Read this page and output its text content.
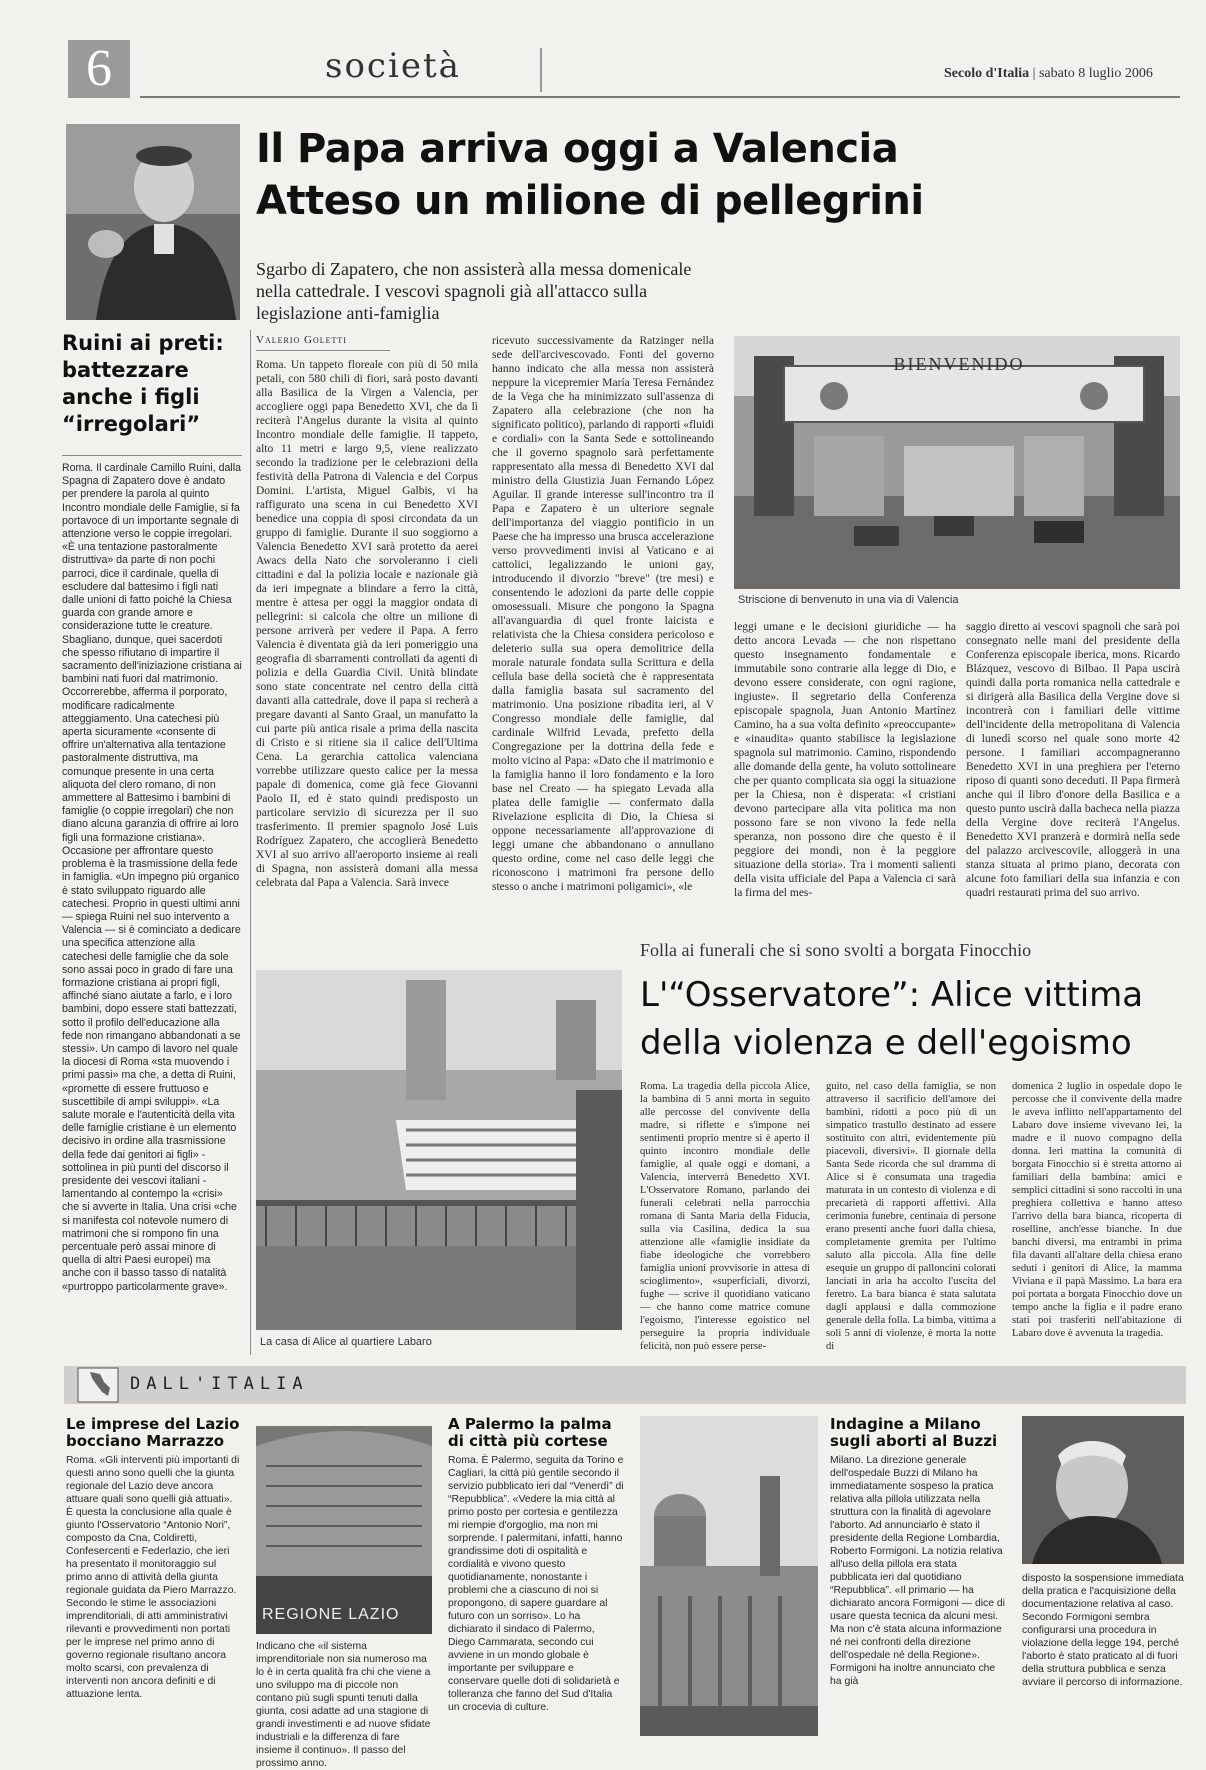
6	società	Secolo d'Italia | sabato 8 luglio 2006
Ruini ai preti: battezzare anche i figli “irregolari”
Roma. Il cardinale Camillo Ruini, dalla Spagna di Zapatero dove è andato per prendere la parola al quinto Incontro mondiale delle Famiglie, si fa portavoce di un importante segnale di attenzione verso le coppie irregolari. «È una tentazione pastoralmente distruttiva» da parte di non pochi parroci, dice il cardinale, quella di escludere dal battesimo i figli nati dalle unioni di fatto poiché la Chiesa guarda con grande amore e considerazione tutte le creature. Sbagliano, dunque, quei sacerdoti che spesso rifiutano di impartire il sacramento dell'iniziazione cristiana ai bambini nati fuori dal matrimonio. Occorrerebbe, afferma il porporato, modificare radicalmente atteggiamento. Una catechesi più aperta sicuramente «consente di offrire un'alternativa alla tentazione pastoralmente distruttiva, ma comunque presente in una certa aliquota del clero romano, di non ammettere al Battesimo i bambini di famiglie (o coppie irregolari) che non diano alcuna garanzia di offrire ai loro figli una formazione cristiana». Occasione per affrontare questo problema è la trasmissione della fede in famiglia. «Un impegno più organico è stato sviluppato riguardo alle catechesi. Proprio in questi ultimi anni — spiega Ruini nel suo intervento a Valencia — si è cominciato a dedicare una specifica attenzione alla catechesi delle famiglie che da sole sono assai poco in grado di fare una formazione cristiana ai propri figli, affinché siano aiutate a farlo, e i loro bambini, dopo essere stati battezzati, sotto il profilo dell'educazione alla fede non rimangano abbandonati a se stessi». Un campo di lavoro nel quale la diocesi di Roma «sta muovendo i primi passi» ma che, a detta di Ruini, «promette di essere fruttuoso e suscettibile di ampi sviluppi». «La salute morale e l'autenticità della vita delle famiglie cristiane è un elemento decisivo in ordine alla trasmissione della fede dai genitori ai figli» - sottolinea in più punti del discorso il presidente dei vescovi italiani - lamentando al contempo la «crisi» che si avverte in Italia. Una crisi «che si manifesta col notevole numero di matrimoni che si rompono fin una percentuale però assai minore di quella di altri Paesi europei) ma anche con il basso tasso di natalità «purtroppo particolarmente grave».
Il Papa arriva oggi a Valencia
Atteso un milione di pellegrini
Sgarbo di Zapatero, che non assisterà alla messa domenicale nella cattedrale. I vescovi spagnoli già all'attacco sulla legislazione anti-famiglia
Valerio Goletti
Roma. Un tappeto floreale con più di 50 mila petali, con 580 chili di fiori, sarà posto davanti alla Basilica de la Virgen a Valencia, per accogliere oggi papa Benedetto XVI, che da lì reciterà l'Angelus durante la visita al quinto Incontro mondiale delle famiglie. Il tappeto, alto 11 metri e largo 9,5, viene realizzato secondo la tradizione per le celebrazioni della festività della Patrona di Valencia e del Corpus Domini. L'artista, Miguel Galbis, vi ha raffigurato una scena in cui Benedetto XVI benedice una coppia di sposi circondata da un gruppo di famiglie. Durante il suo soggiorno a Valencia Benedetto XVI sarà protetto da aerei Awacs della Nato che sorvoleranno i cieli cittadini e dal la polizia locale e nazionale già da ieri impegnate a blindare a ferro la città, mentre è attesa per oggi la maggior ondata di pellegrini: si calcola che oltre un milione di persone arriverà per vedere il Papa. A ferro Valencia è diventata già da ieri pomeriggio una geografia di sbarramenti controllati da agenti di polizia e della Guardia Civil. Unità blindate sono state concentrate nel centro della città davanti alla cattedrale, dove il papa si recherà a pregare davanti al Santo Graal, un manufatto la cui parte più antica risale a prima della nascita di Cristo e si ritiene sia il calice dell'Ultima Cena. La gerarchia cattolica valenciana vorrebbe utilizzare questo calice per la messa papale di domenica, come già fece Giovanni Paolo II, ed è stato quindi predisposto un particolare servizio di sicurezza per il suo trasferimento. Il premier spagnolo José Luis Rodríguez Zapatero, che accoglierà Benedetto XVI al suo arrivo all'aeroporto insieme ai reali di Spagna, non assisterà domani alla messa celebrata dal Papa a Valencia. Sarà invece
ricevuto successivamente da Ratzinger nella sede dell'arcivescovado. Fonti del governo hanno indicato che alla messa non assisterà neppure la vicepremier María Teresa Fernández de la Vega che ha minimizzato sull'assenza di Zapatero alla celebrazione (che non ha significato politico), parlando di rapporti «fluidi e cordiali» con la Santa Sede e sottolineando che il governo spagnolo sarà perfettamente rappresentato alla messa di Benedetto XVI dal ministro della Giustizia Juan Fernando López Aguilar. Il grande interesse sull'incontro tra il Papa e Zapatero è un ulteriore segnale dell'importanza del viaggio pontificio in un Paese che ha impresso una brusca accelerazione verso provvedimenti invisi al Vaticano e ai cattolici, legalizzando le unioni gay, introducendo il divorzio "breve" (tre mesi) e consentendo le adozioni da parte delle coppie omosessuali. Misure che pongono la Spagna all'avanguardia di quel fronte laicista e relativista che la Chiesa considera pericoloso e deleterio sulla sua opera demolitrice della morale naturale fondata sulla Scrittura e della cellula base della società che è rappresentata dalla famiglia basata sul sacramento del matrimonio. Una posizione ribadita ieri, al V Congresso mondiale delle famiglie, dal cardinale Wilfrid Levada, prefetto della Congregazione per la dottrina della fede e molto vicino al Papa: «Dato che il matrimonio e la famiglia hanno il loro fondamento e la loro base nel Creato — ha spiegato Levada alla platea delle famiglie — confermato dalla Rivelazione esplicita di Dio, la Chiesa si oppone necessariamente all'approvazione di leggi umane che abbandonano o annullano questo ordine, come nel caso delle leggi che riconoscono i matrimoni fra persone dello stesso o anche i matrimoni poligamici», «le
BIENVENIDO
Striscione di benvenuto in una via di Valencia
leggi umane e le decisioni giuridiche — ha detto ancora Levada — che non rispettano questo insegnamento fondamentale e immutabile sono contrarie alla legge di Dio, e devono essere considerate, con ogni ragione, ingiuste». Il segretario della Conferenza episcopale spagnola, Juan Antonio Martínez Camino, ha a sua volta definito «preoccupante» e «inaudita» quanto stabilisce la legislazione spagnola sul matrimonio. Camino, rispondendo alle domande della gente, ha voluto sottolineare che per quanto complicata sia oggi la situazione per la Chiesa, non è disperata: «I cristiani devono partecipare alla vita politica ma non possono fare se non vivono la fede nella speranza, non possono dire che questo è il peggiore dei mondi, non è la peggiore situazione della storia». Tra i momenti salienti della visita ufficiale del Papa a Valencia ci sarà la firma del mes-
saggio diretto ai vescovi spagnoli che sarà poi consegnato nelle mani del presidente della Conferenza episcopale iberica, mons. Ricardo Blázquez, vescovo di Bilbao. Il Papa uscirà quindi dalla porta romanica nella cattedrale e si dirigerà alla Basilica della Vergine dove si incontrerà con i familiari delle vittime dell'incidente della metropolitana di Valencia di lunedì scorso nel quale sono morte 42 persone. I familiari accompagneranno Benedetto XVI in una preghiera per l'eterno riposo di quanti sono deceduti. Il Papa firmerà anche qui il libro d'onore della Basilica e a questo punto uscirà dalla bacheca nella piazza della Vergine dove reciterà l'Angelus. Benedetto XVI pranzerà e dormirà nella sede del palazzo arcivescovile, alloggerà in una stanza situata al primo piano, decorata con alcune foto familiari della sua infanzia e con quadri restaurati prima del suo arrivo.
Folla ai funerali che si sono svolti a borgata Finocchio
L'“Osservatore”: Alice vittima
della violenza e dell'egoismo
La casa di Alice al quartiere Labaro
Roma. La tragedia della piccola Alice, la bambina di 5 anni morta in seguito alle percosse del convivente della madre, si riflette e s'impone nei sentimenti proprio mentre si è aperto il quinto incontro mondiale delle famiglie, al quale oggi e domani, a Valencia, interverrà Benedetto XVI. L'Osservatore Romano, parlando dei funerali celebrati nella parrocchia romana di Santa Maria della Fiducia, sulla via Casilina, dedica la sua attenzione alle «famiglie insidiate da fiabe ideologiche che vorrebbero famiglia unioni provvisorie in attesa di scioglimento», «superficiali, divorzi, fughe — scrive il quotidiano vaticano — che hanno come matrice comune l'egoismo, l'interesse egoistico nel perseguire la propria individuale felicità, non può essere perse-
guito, nel caso della famiglia, se non attraverso il sacrificio dell'amore dei bambini, ridotti a poco più di un simpatico trastullo destinato ad essere sostituito con altri, evidentemente più piacevoli, diversivi». Il giornale della Santa Sede ricorda che sul dramma di Alice si è consumata una tragedia maturata in un contesto di violenza e di precarietà di rapporti affettivi. Alla cerimonia funebre, centinaia di persone erano presenti anche fuori dalla chiesa, completamente gremita per l'ultimo saluto alla piccola. Alla fine delle esequie un gruppo di palloncini colorati lanciati in aria ha accolto l'uscita del feretro. La bara bianca è stata salutata dagli applausi e dalla commozione generale della folla. La bimba, vittima a soli 5 anni di violenze, è morta la notte di
domenica 2 luglio in ospedale dopo le percosse che il convivente della madre le aveva inflitto nell'appartamento del Labaro dove insieme vivevano lei, la madre e il nuovo compagno della donna. Ieri mattina la comunità di borgata Finocchio si è stretta attorno ai familiari della bambina: amici e semplici cittadini si sono raccolti in una preghiera collettiva e hanno atteso l'arrivo della bara bianca, ricoperta di roselline, anch'esse bianche. In due banchi diversi, ma entrambi in prima fila davanti all'altare della chiesa erano seduti i genitori di Alice, la mamma Viviana e il papà Massimo. La bara era poi portata a borgata Finocchio dove un tempo anche la figlia e il padre erano stati poi trasferiti nell'abitazione di Labaro dove è avvenuta la tragedia.
DALL'ITALIA
Le imprese del Lazio bocciano Marrazzo
Roma. «Gli interventi più importanti di questi anno sono quelli che la giunta regionale del Lazio deve ancora attuare quali sono quelli già attuati». È questa la conclusione alla quale è giunto l'Osservatorio “Antonio Nori”, composto da Cna, Coldiretti, Confesercenti e Federlazio, che ieri ha presentato il monitoraggio sul primo anno di attività della giunta regionale guidata da Piero Marrazzo. Secondo le stime le associazioni imprenditoriali, di atti amministrativi rilevanti e provvedimenti non portati per le imprese nel primo anno di governo regionale risultano ancora molto scarsi, con prevalenza di interventi non ancora definiti e di attuazione lenta.
REGIONE LAZIO
Indicano che «il sistema imprenditoriale non sia numeroso ma lo è in certa qualità fra chi che viene a uno sviluppo ma di piccole non contano più sugli spunti tenuti dalla giunta, cosi adatte ad una stagione di grandi investimenti e ad nuove sfidate industriali e la differenza di fare insieme il continuo». Il passo del prossimo anno.
A Palermo la palma di città più cortese
Roma. È Palermo, seguita da Torino e Cagliari, la città più gentile secondo il servizio pubblicato ieri dal “Venerdì” di “Repubblica”. «Vedere la mia città al primo posto per cortesia e gentilezza mi riempie d'orgoglio, ma non mi sorprende. I palermitani, infatti, hanno grandissime doti di ospitalità e cordialità e vivono questo quotidianamente, nonostante i problemi che a ciascuno di noi si propongono, di sapere guardare al futuro con un sorriso». Lo ha dichiarato il sindaco di Palermo, Diego Cammarata, secondo cui avviene in un mondo globale è importante per sviluppare e conservare quelle doti di solidarietà e tolleranza che fanno del Sud d'Italia un crocevia di culture.
Indagine a Milano sugli aborti al Buzzi
Milano. La direzione generale dell'ospedale Buzzi di Milano ha immediatamente sospeso la pratica relativa alla pillola utilizzata nella struttura con la finalità di agevolare l'aborto. Ad annunciarlo è stato il presidente della Regione Lombardia, Roberto Formigoni. La notizia relativa all'uso della pillola era stata pubblicata ieri dal quotidiano “Repubblica”. «Il primario — ha dichiarato ancora Formigoni — dice di usare questa tecnica da alcuni mesi. Ma non c'è stata alcuna informazione né nei confronti della direzione dell'ospedale né della Regione». Formigoni ha inoltre annunciato che ha già
disposto la sospensione immediata della pratica e l'acquisizione della documentazione relativa al caso. Secondo Formigoni sembra configurarsi una procedura in violazione della legge 194, perché l'aborto è stato praticato al di fuori della struttura pubblica e senza avviare il percorso di informazione.
